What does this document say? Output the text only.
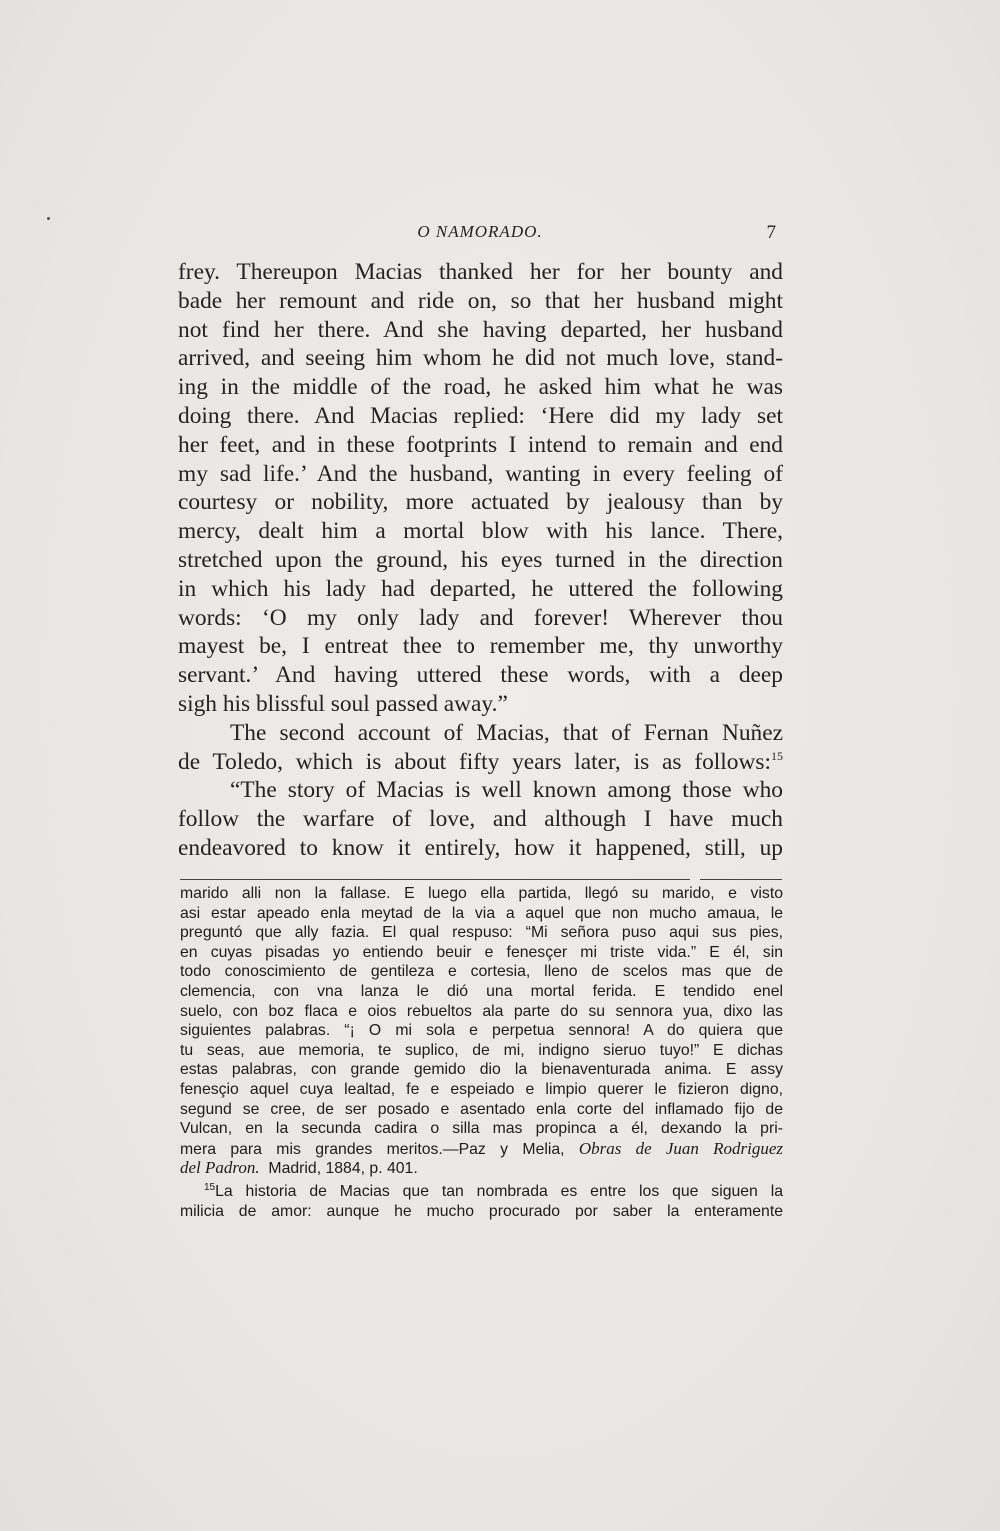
O NAMORADO.	7
frey. Thereupon Macias thanked her for her bounty and
bade her remount and ride on, so that her husband might
not find her there. And she having departed, her husband
arrived, and seeing him whom he did not much love, stand-
ing in the middle of the road, he asked him what he was
doing there. And Macias replied: ‘Here did my lady set
her feet, and in these footprints I intend to remain and end
my sad life.’ And the husband, wanting in every feeling of
courtesy or nobility, more actuated by jealousy than by
mercy, dealt him a mortal blow with his lance. There,
stretched upon the ground, his eyes turned in the direction
in which his lady had departed, he uttered the following
words: ‘O my only lady and forever! Wherever thou
mayest be, I entreat thee to remember me, thy unworthy
servant.’ And having uttered these words, with a deep
sigh his blissful soul passed away.”
The second account of Macias, that of Fernan Nuñez
de Toledo, which is about fifty years later, is as follows:$^{15}$
“The story of Macias is well known among those who
follow the warfare of love, and although I have much
endeavored to know it entirely, how it happened, still, up
marido alli non la fallase. E luego ella partida, llegó su marido, e visto
asi estar apeado enla meytad de la via a aquel que non mucho amaua, le
preguntó que ally fazia. El qual respuso: “Mi señora puso aqui sus pies,
en cuyas pisadas yo entiendo beuir e fenesçer mi triste vida.” E él, sin
todo conoscimiento de gentileza e cortesia, lleno de scelos mas que de
clemencia, con vna lanza le dió una mortal ferida. E tendido enel
suelo, con boz flaca e oios rebueltos ala parte do su sennora yua, dixo las
siguientes palabras. “¡ O mi sola e perpetua sennora! A do quiera que
tu seas, aue memoria, te suplico, de mi, indigno sieruo tuyo!” E dichas
estas palabras, con grande gemido dio la bienaventurada anima. E assy
fenesçio aquel cuya lealtad, fe e espeiado e limpio querer le fizieron digno,
segund se cree, de ser posado e asentado enla corte del inflamado fijo de
Vulcan, en la secunda cadira o silla mas propinca a él, dexando la pri-
mera para mis grandes meritos.—Paz y Melia, Obras de Juan Rodriguez
del Padron. Madrid, 1884, p. 401.
$^{15}$La historia de Macias que tan nombrada es entre los que siguen la
milicia de amor: aunque he mucho procurado por saber la enteramente
